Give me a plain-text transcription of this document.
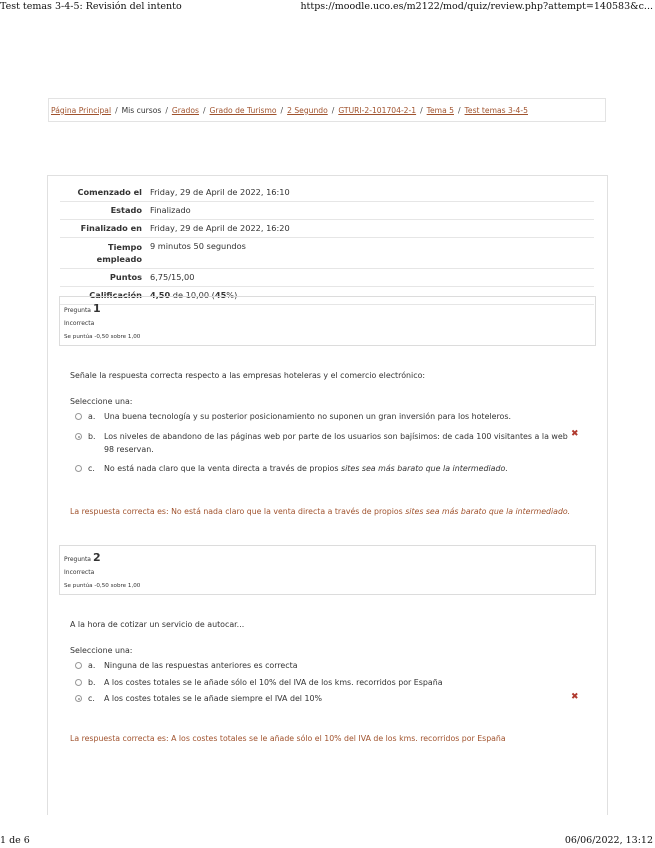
Test temas 3-4-5: Revisión del intento	https://moodle.uco.es/m2122/mod/quiz/review.php?attempt=140583&c...
Página Principal / Mis cursos / Grados / Grado de Turismo / 2 Segundo / GTURI-2-101704-2-1 / Tema 5 / Test temas 3-4-5
Comenzado el	Friday, 29 de April de 2022, 16:10
Estado	Finalizado
Finalizado en	Friday, 29 de April de 2022, 16:20
Tiempo empleado	9 minutos 50 segundos
Puntos	6,75/15,00
Calificación	4,50 de 10,00 (45%)
Pregunta 1
Incorrecta
Se puntúa -0,50 sobre 1,00
Señale la respuesta correcta respecto a las empresas hoteleras y el comercio electrónico:
Seleccione una:
a. Una buena tecnología y su posterior posicionamiento no suponen un gran inversión para los hoteleros.
b. Los niveles de abandono de las páginas web por parte de los usuarios son bajísimos: de cada 100 visitantes a la web 98 reservan.
✖
c. No está nada claro que la venta directa a través de propios sites sea más barato que la intermediado.
La respuesta correcta es: No está nada claro que la venta directa a través de propios sites sea más barato que la intermediado.
Pregunta 2
Incorrecta
Se puntúa -0,50 sobre 1,00
A la hora de cotizar un servicio de autocar...
Seleccione una:
a. Ninguna de las respuestas anteriores es correcta
b. A los costes totales se le añade sólo el 10% del IVA de los kms. recorridos por España
c. A los costes totales se le añade siempre el IVA del 10%	✖
La respuesta correcta es: A los costes totales se le añade sólo el 10% del IVA de los kms. recorridos por España
1 de 6	06/06/2022, 13:12
